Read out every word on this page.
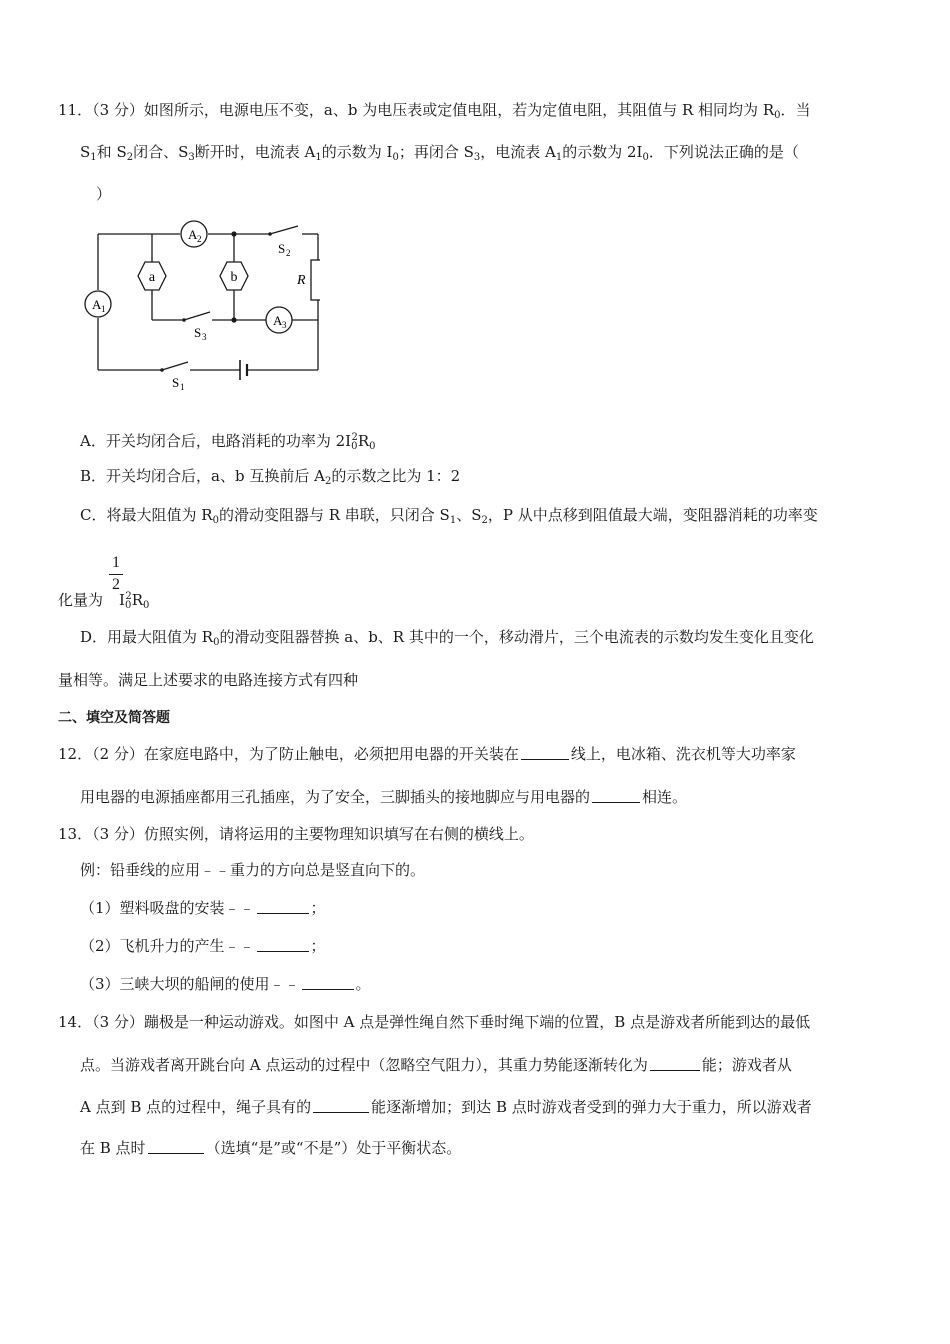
11．（3 分）如图所示，电源电压不变，a、b 为电压表或定值电阻，若为定值电阻，其阻值与 R 相同均为 $R_0$．当
$S_1$和 $S_2$闭合、$S_3$断开时，电流表 $A_1$的示数为 $I_0$；再闭合 $S_3$，电流表 $A_1$的示数为 $2I_0$．下列说法正确的是（
）
a	b	R
A 2
A 1
A 3
S 2
S 3
S 1
A．开关均闭合后，电路消耗的功率为 $2I_0^2R_0$
B．开关均闭合后，a、b 互换前后 $A_2$的示数之比为 1：2
C．将最大阻值为 $R_0$的滑动变阻器与 R 串联，只闭合 $S_1$、$S_2$，P 从中点移到阻值最大端，变阻器消耗的功率变
1
2
化量为 $I_0^2R_0$
D．用最大阻值为 $R_0$的滑动变阻器替换 a、b、R 其中的一个，移动滑片，三个电流表的示数均发生变化且变化
量相等。满足上述要求的电路连接方式有四种
二、填空及简答题
12．（2 分）在家庭电路中，为了防止触电，必须把用电器的开关装在	线上，电冰箱、洗衣机等大功率家
用电器的电源插座都用三孔插座，为了安全，三脚插头的接地脚应与用电器的	相连。
13．（3 分）仿照实例，请将运用的主要物理知识填写在右侧的横线上。
例：铅垂线的应用﹣﹣重力的方向总是竖直向下的。
（1）塑料吸盘的安装﹣﹣	；
（2）飞机升力的产生﹣﹣	；
（3）三峡大坝的船闸的使用﹣﹣	。
14．（3 分）蹦极是一种运动游戏。如图中 A 点是弹性绳自然下垂时绳下端的位置，B 点是游戏者所能到达的最低
点。当游戏者离开跳台向 A 点运动的过程中（忽略空气阻力），其重力势能逐渐转化为	能；游戏者从
A 点到 B 点的过程中，绳子具有的	能逐渐增加；到达 B 点时游戏者受到的弹力大于重力，所以游戏者
在 B 点时	（选填“是”或“不是”）处于平衡状态。
